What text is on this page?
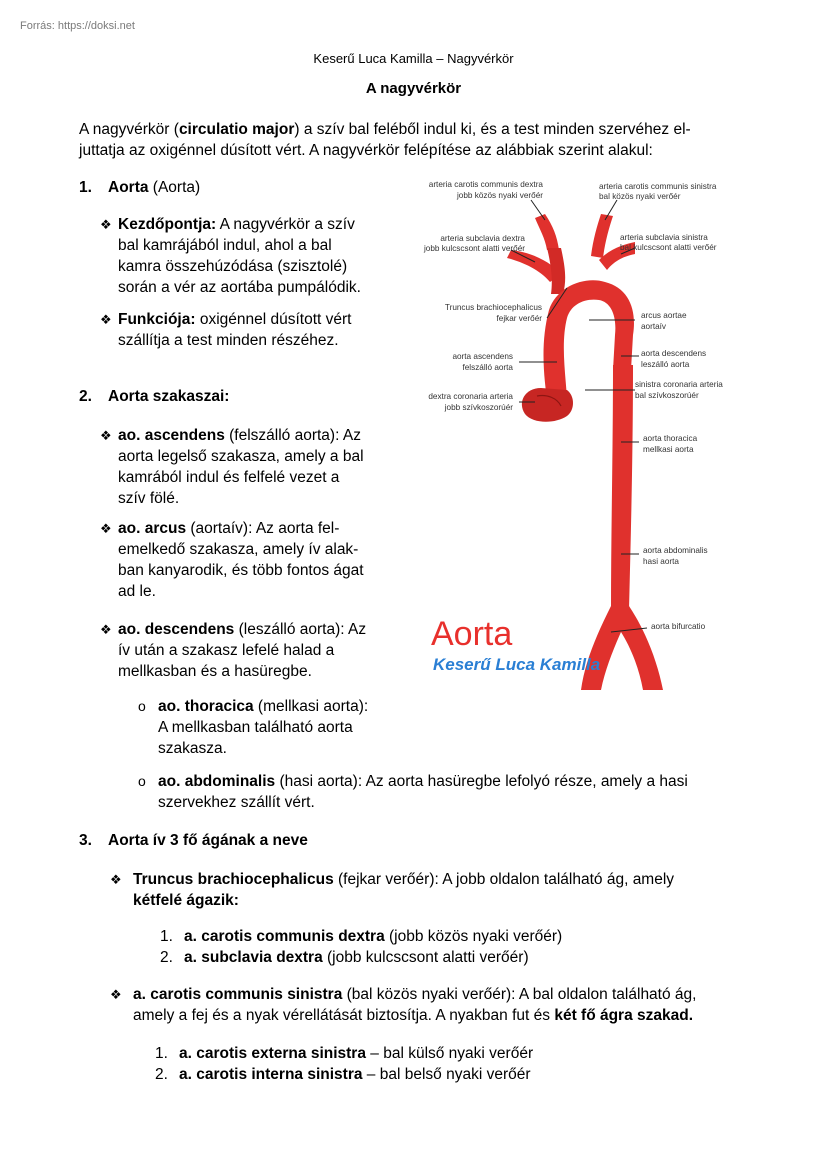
Forrás: https://doksi.net
Keserű Luca Kamilla – Nagyvérkör
A nagyvérkör
A nagyvérkör (circulatio major) a szív bal feléből indul ki, és a test minden szervéhez el-
juttatja az oxigénnel dúsított vért. A nagyvérkör felépítése az alábbiak szerint alakul:
1. Aorta (Aorta)
❖ Kezdőpontja: A nagyvérkör a szív
bal kamrájából indul, ahol a bal
kamra összehúzódása (szisztolé)
során a vér az aortába pumpálódik.
❖ Funkciója: oxigénnel dúsított vért
szállítja a test minden részéhez.
2. Aorta szakaszai:
❖ ao. ascendens (felszálló aorta): Az
aorta legelső szakasza, amely a bal
kamrából indul és felfelé vezet a
szív fölé.
❖ ao. arcus (aortaív): Az aorta fel-
emelkedő szakasza, amely ív alak-
ban kanyarodik, és több fontos ágat
ad le.
❖ ao. descendens (leszálló aorta): Az
ív után a szakasz lefelé halad a
mellkasban és a hasüregbe.
o ao. thoracica (mellkasi aorta):
A mellkasban található aorta
szakasza.
o ao. abdominalis (hasi aorta): Az aorta hasüregbe lefolyó része, amely a hasi
szervekhez szállít vért.
3. Aorta ív 3 fő ágának a neve
❖ Truncus brachiocephalicus (fejkar verőér): A jobb oldalon található ág, amely
kétfelé ágazik:
1. a. carotis communis dextra (jobb közös nyaki verőér)
2. a. subclavia dextra (jobb kulcscsont alatti verőér)
❖ a. carotis communis sinistra (bal közös nyaki verőér): A bal oldalon található ág,
amely a fej és a nyak vérellátását biztosítja. A nyakban fut és két fő ágra szakad.
1. a. carotis externa sinistra – bal külső nyaki verőér
2. a. carotis interna sinistra – bal belső nyaki verőér
arteria carotis communis dextra
jobb közös nyaki verőér
arteria carotis communis sinistra
bal közös nyaki verőér
arteria subclavia dextra
jobb kulcscsont alatti verőér
arteria subclavia sinistra
bal kulcscsont alatti verőér
Truncus brachiocephalicus
fejkar verőér	arcus aortae
aortaív
aorta ascendens
felszálló aorta
aorta descendens
leszálló aorta
dextra coronaria arteria
jobb szívkoszorúér
sinistra coronaria arteria
bal szívkoszorúér
aorta thoracica
mellkasi aorta
aorta abdominalis
hasi aorta
aorta bifurcatio
Aorta
Keserű Luca Kamilla
